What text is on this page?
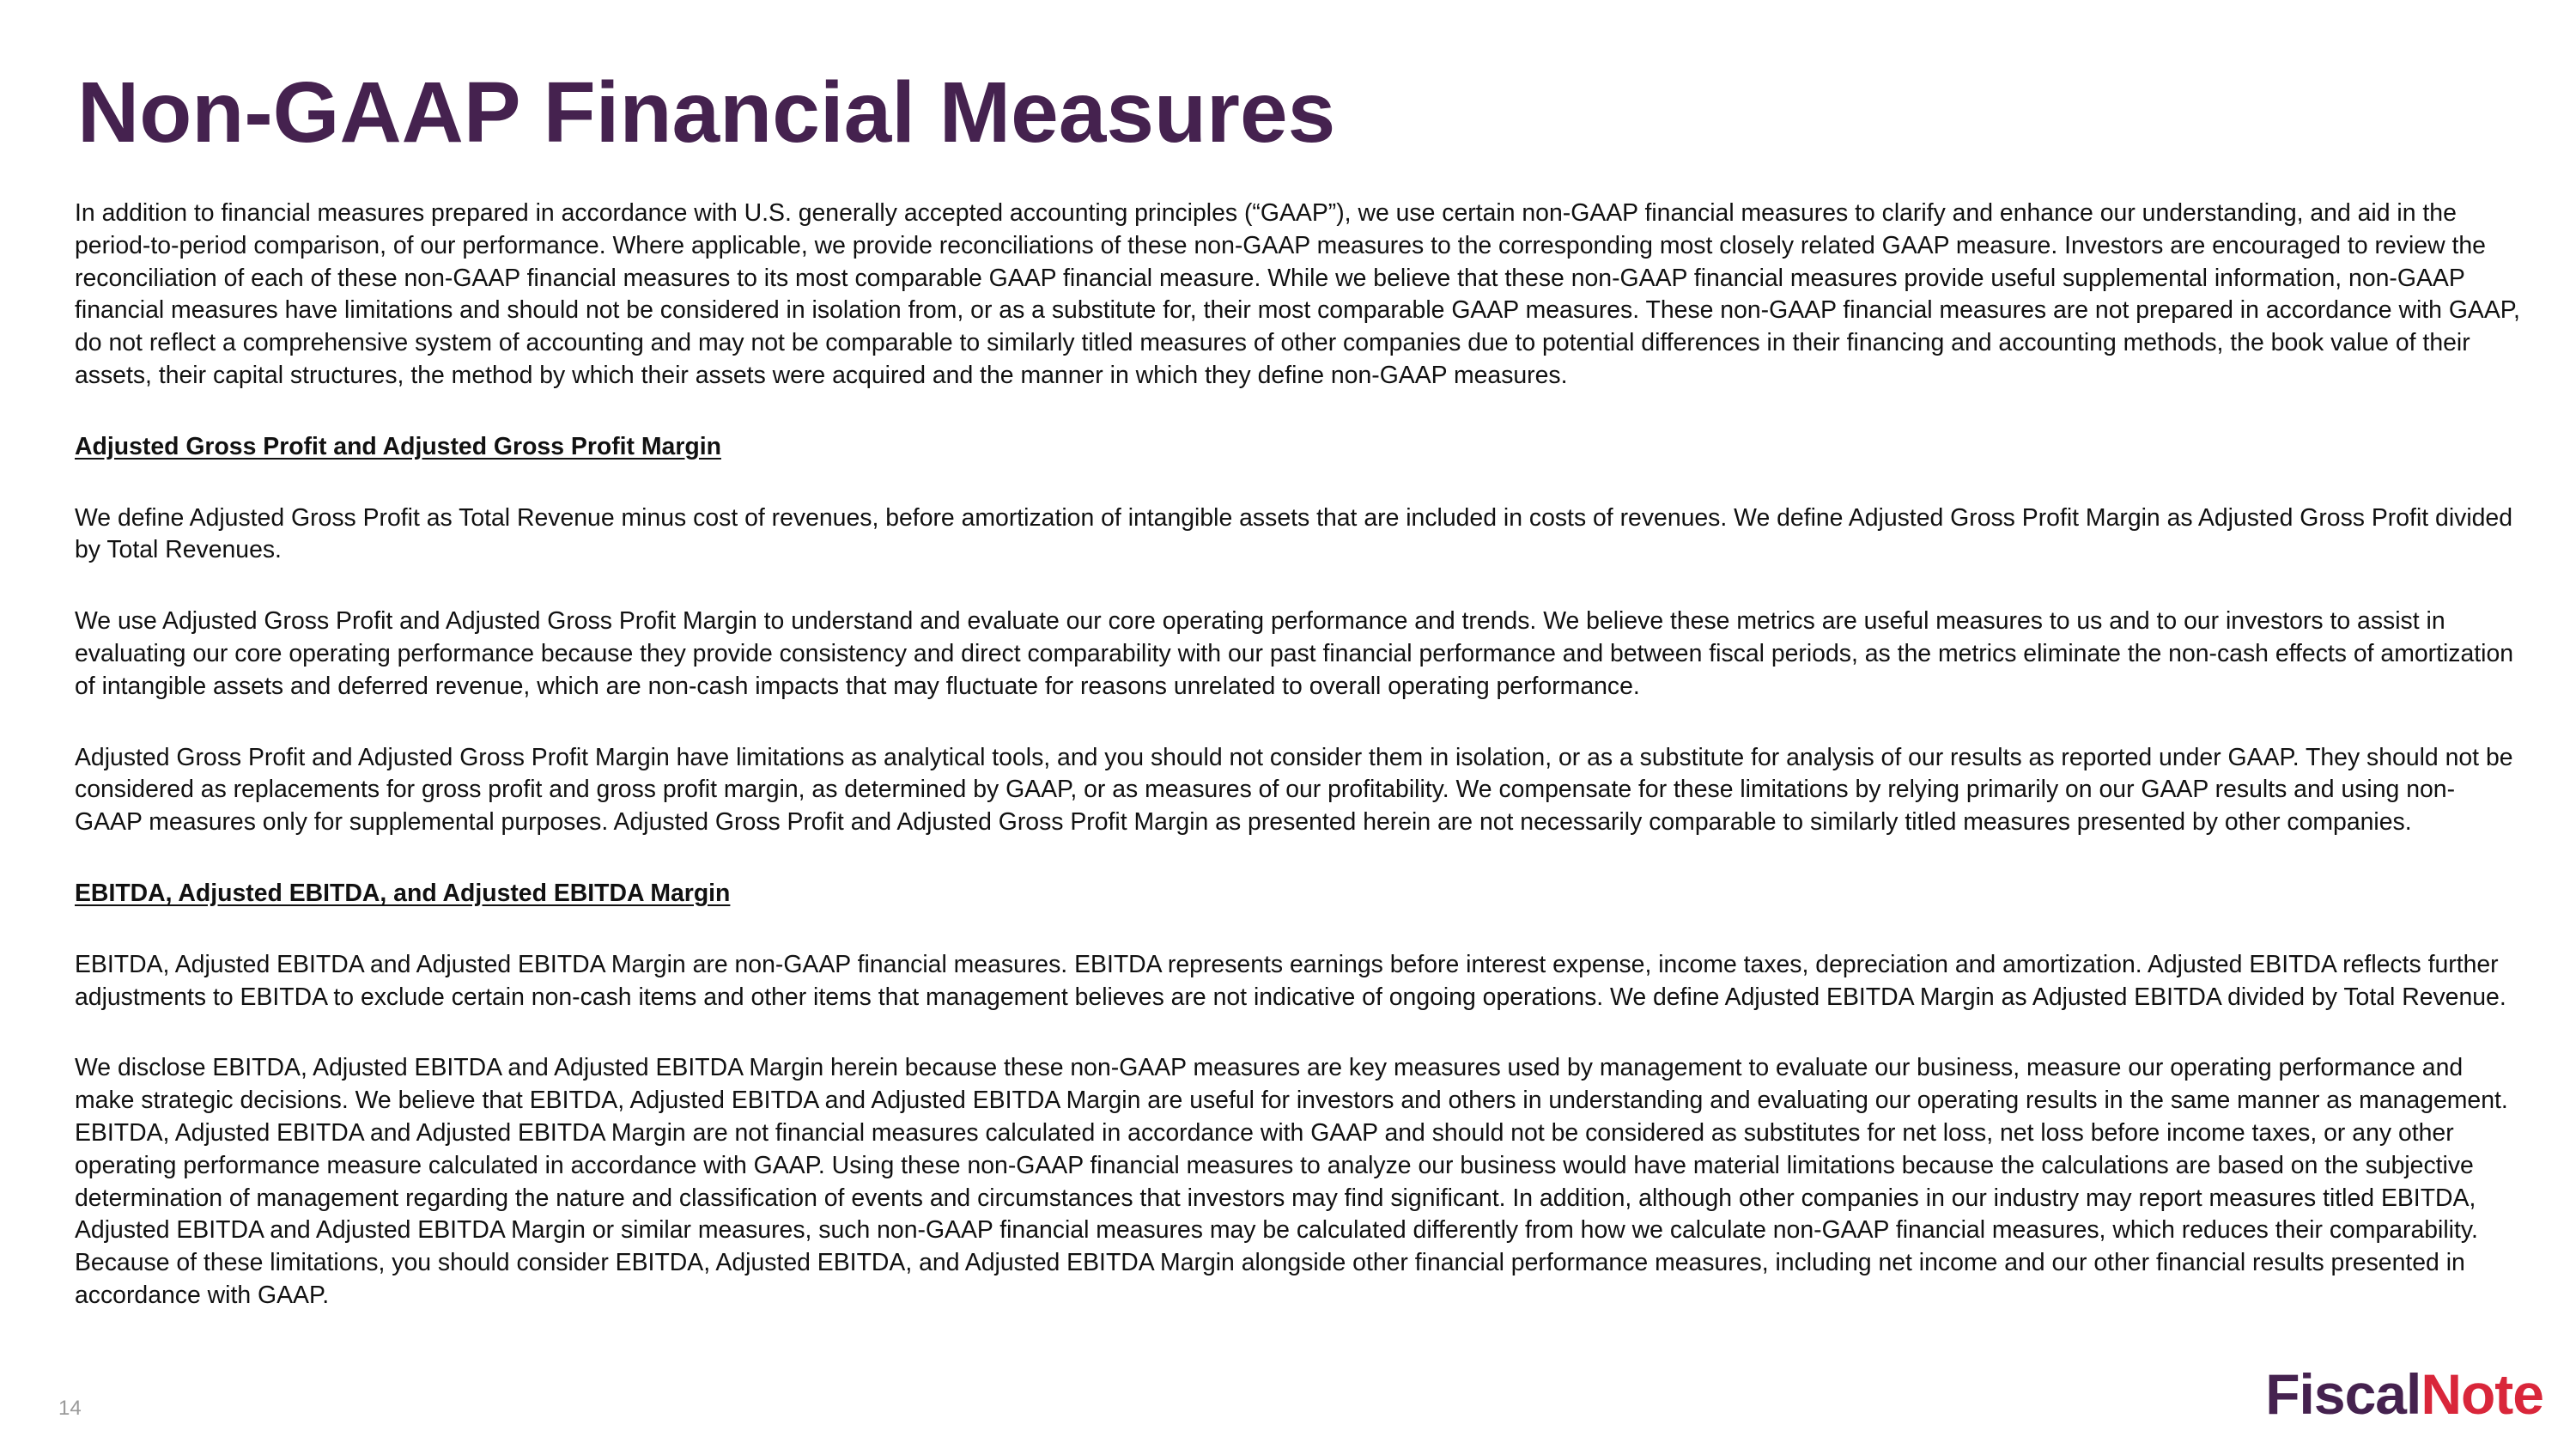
Non-GAAP Financial Measures

In addition to financial measures prepared in accordance with U.S. generally accepted accounting principles (“GAAP”), we use certain non-GAAP financial measures to clarify and enhance our understanding, and aid in the period-to-period comparison, of our performance. Where applicable, we provide reconciliations of these non-GAAP measures to the corresponding most closely related GAAP measure. Investors are encouraged to review the reconciliation of each of these non-GAAP financial measures to its most comparable GAAP financial measure. While we believe that these non-GAAP financial measures provide useful supplemental information, non-GAAP financial measures have limitations and should not be considered in isolation from, or as a substitute for, their most comparable GAAP measures. These non-GAAP financial measures are not prepared in accordance with GAAP, do not reflect a comprehensive system of accounting and may not be comparable to similarly titled measures of other companies due to potential differences in their financing and accounting methods, the book value of their assets, their capital structures, the method by which their assets were acquired and the manner in which they define non-GAAP measures.

Adjusted Gross Profit and Adjusted Gross Profit Margin

We define Adjusted Gross Profit as Total Revenue minus cost of revenues, before amortization of intangible assets that are included in costs of revenues. We define Adjusted Gross Profit Margin as Adjusted Gross Profit divided by Total Revenues.

We use Adjusted Gross Profit and Adjusted Gross Profit Margin to understand and evaluate our core operating performance and trends. We believe these metrics are useful measures to us and to our investors to assist in evaluating our core operating performance because they provide consistency and direct comparability with our past financial performance and between fiscal periods, as the metrics eliminate the non-cash effects of amortization of intangible assets and deferred revenue, which are non-cash impacts that may fluctuate for reasons unrelated to overall operating performance.

Adjusted Gross Profit and Adjusted Gross Profit Margin have limitations as analytical tools, and you should not consider them in isolation, or as a substitute for analysis of our results as reported under GAAP. They should not be considered as replacements for gross profit and gross profit margin, as determined by GAAP, or as measures of our profitability. We compensate for these limitations by relying primarily on our GAAP results and using non-GAAP measures only for supplemental purposes. Adjusted Gross Profit and Adjusted Gross Profit Margin as presented herein are not necessarily comparable to similarly titled measures presented by other companies.

EBITDA, Adjusted EBITDA, and Adjusted EBITDA Margin

EBITDA, Adjusted EBITDA and Adjusted EBITDA Margin are non-GAAP financial measures. EBITDA represents earnings before interest expense, income taxes, depreciation and amortization. Adjusted EBITDA reflects further adjustments to EBITDA to exclude certain non-cash items and other items that management believes are not indicative of ongoing operations. We define Adjusted EBITDA Margin as Adjusted EBITDA divided by Total Revenue.

We disclose EBITDA, Adjusted EBITDA and Adjusted EBITDA Margin herein because these non-GAAP measures are key measures used by management to evaluate our business, measure our operating performance and make strategic decisions. We believe that EBITDA, Adjusted EBITDA and Adjusted EBITDA Margin are useful for investors and others in understanding and evaluating our operating results in the same manner as management. EBITDA, Adjusted EBITDA and Adjusted EBITDA Margin are not financial measures calculated in accordance with GAAP and should not be considered as substitutes for net loss, net loss before income taxes, or any other operating performance measure calculated in accordance with GAAP. Using these non-GAAP financial measures to analyze our business would have material limitations because the calculations are based on the subjective determination of management regarding the nature and classification of events and circumstances that investors may find significant. In addition, although other companies in our industry may report measures titled EBITDA, Adjusted EBITDA and Adjusted EBITDA Margin or similar measures, such non-GAAP financial measures may be calculated differently from how we calculate non-GAAP financial measures, which reduces their comparability. Because of these limitations, you should consider EBITDA, Adjusted EBITDA, and Adjusted EBITDA Margin alongside other financial performance measures, including net income and our other financial results presented in accordance with GAAP.

14	FiscalNote
